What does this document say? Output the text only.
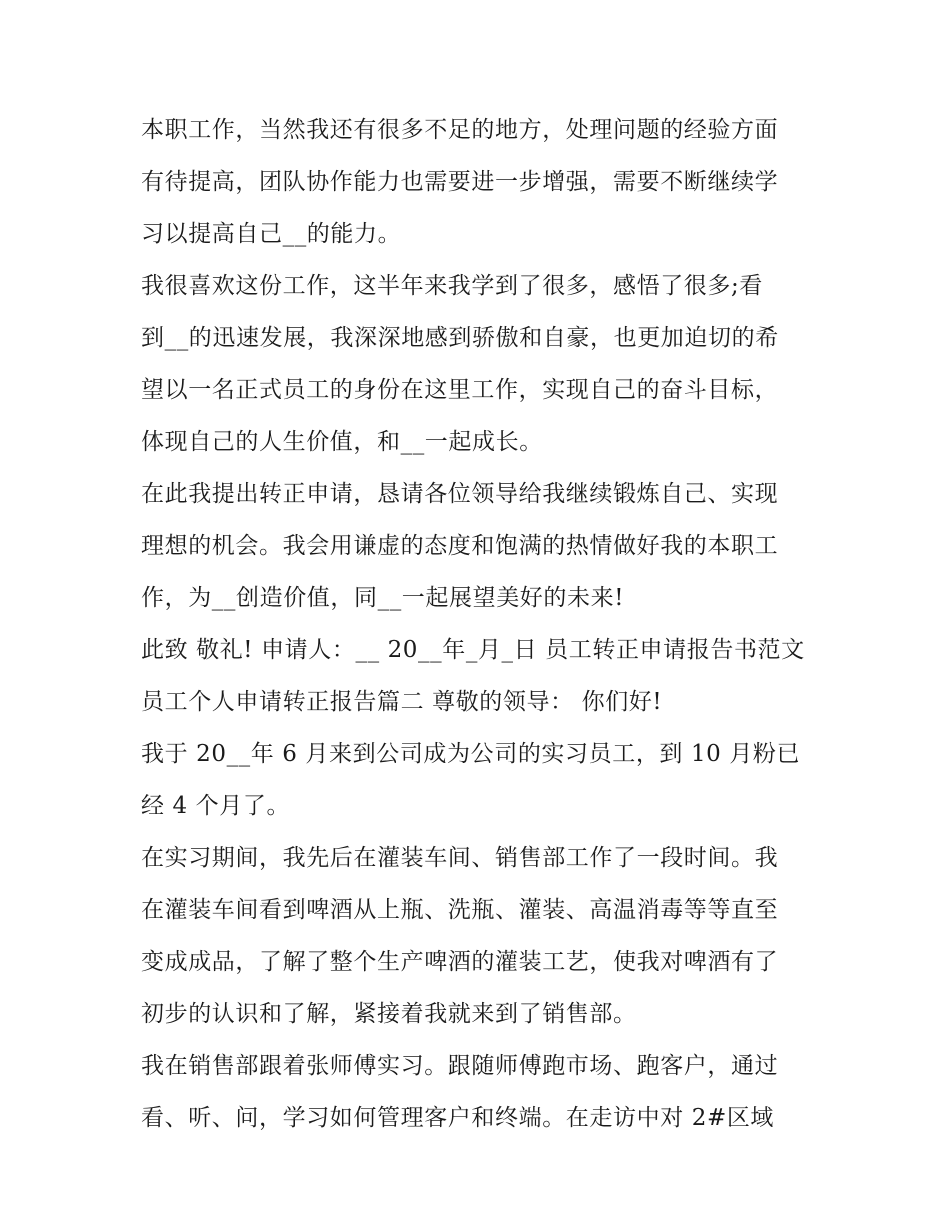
本职工作，当然我还有很多不足的地方，处理问题的经验方面
有待提高，团队协作能力也需要进一步增强，需要不断继续学
习以提高自己__的能力。
我很喜欢这份工作，这半年来我学到了很多，感悟了很多;看
到__的迅速发展，我深深地感到骄傲和自豪，也更加迫切的希
望以一名正式员工的身份在这里工作，实现自己的奋斗目标，
体现自己的人生价值，和__一起成长。
在此我提出转正申请，恳请各位领导给我继续锻炼自己、实现
理想的机会。我会用谦虚的态度和饱满的热情做好我的本职工
作，为__创造价值，同__一起展望美好的未来!
此致 敬礼! 申请人：__ 20__年_月_日 员工转正申请报告书范文
员工个人申请转正报告篇二 尊敬的领导： 你们好!
我于 20__年 6 月来到公司成为公司的实习员工，到 10 月粉已
经 4 个月了。
在实习期间，我先后在灌装车间、销售部工作了一段时间。我
在灌装车间看到啤酒从上瓶、洗瓶、灌装、高温消毒等等直至
变成成品，了解了整个生产啤酒的灌装工艺，使我对啤酒有了
初步的认识和了解，紧接着我就来到了销售部。
我在销售部跟着张师傅实习。跟随师傅跑市场、跑客户，通过
看、听、问，学习如何管理客户和终端。在走访中对 2#区域
